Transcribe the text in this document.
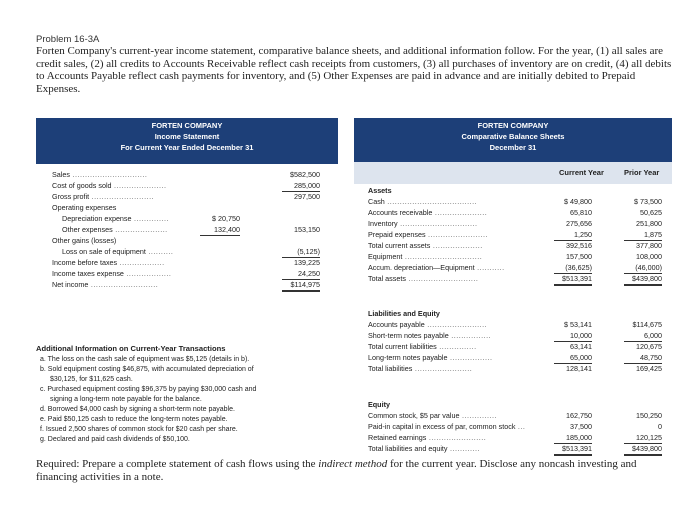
Problem 16-3A
Forten Company's current-year income statement, comparative balance sheets, and additional information follow. For the year, (1) all sales are credit sales, (2) all credits to Accounts Receivable reflect cash receipts from customers, (3) all purchases of inventory are on credit, (4) all debits to Accounts Payable reflect cash payments for inventory, and (5) Other Expenses are paid in advance and are initially debited to Prepaid Expenses.
FORTEN COMPANY
Income Statement
For Current Year Ended December 31
FORTEN COMPANY
Comparative Balance Sheets
December 31
Current Year	Prior Year
Sales ..............................	$582,500
Cost of goods sold .....................	285,000
Gross profit .........................	297,500
Operating expenses
Depreciation expense ..............	$ 20,750
Other expenses .....................	132,400	153,150
Other gains (losses)
Loss on sale of equipment ..........	(5,125)
Income before taxes ..................	139,225
Income taxes expense ..................	24,250
Net income ...........................	$114,975
Assets
Cash ....................................	$ 49,800	$ 73,500
Accounts receivable .....................	65,810	50,625
Inventory ...............................	275,656	251,800
Prepaid expenses ........................	1,250	1,875
Total current assets ....................	392,516	377,800
Equipment ...............................	157,500	108,000
Accum. depreciation—Equipment ...........	(36,625)	(46,000)
Total assets ............................	$513,391	$439,800
Liabilities and Equity
Accounts payable ........................	$ 53,141	$114,675
Short-term notes payable ................	10,000	6,000
Total current liabilities ...............	63,141	120,675
Long-term notes payable .................	65,000	48,750
Total liabilities .......................	128,141	169,425
Equity
Common stock, $5 par value ..............	162,750	150,250
Paid-in capital in excess of par, common stock ...	37,500	0
Retained earnings .......................	185,000	120,125
Total liabilities and equity ............	$513,391	$439,800
Additional Information on Current-Year Transactions
a. The loss on the cash sale of equipment was $5,125 (details in b).
b. Sold equipment costing $46,875, with accumulated depreciation of
$30,125, for $11,625 cash.
c. Purchased equipment costing $96,375 by paying $30,000 cash and
signing a long-term note payable for the balance.
d. Borrowed $4,000 cash by signing a short-term note payable.
e. Paid $50,125 cash to reduce the long-term notes payable.
f. Issued 2,500 shares of common stock for $20 cash per share.
g. Declared and paid cash dividends of $50,100.
Required: Prepare a complete statement of cash flows using the indirect method for the current year. Disclose any noncash investing and financing activities in a note.
